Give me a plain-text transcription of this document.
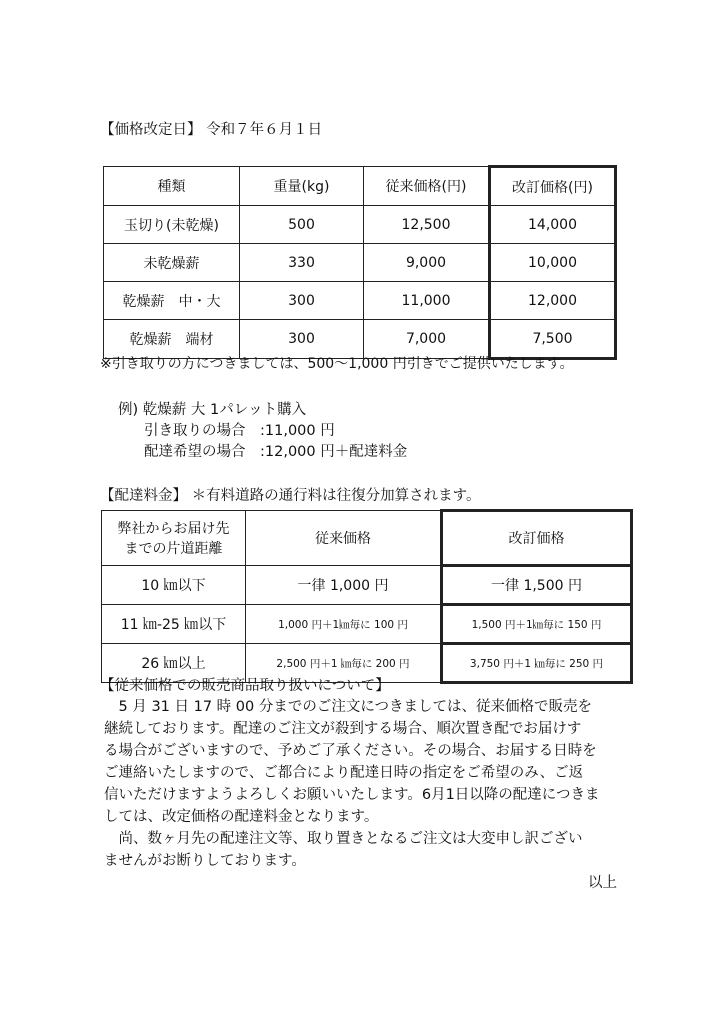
【価格改定日】 令和７年６月１日
種類	重量(kg)	従来価格(円)	改訂価格(円)
玉切り(未乾燥)	500	12,500	14,000
未乾燥薪	330	9,000	10,000
乾燥薪　中・大	300	11,000	12,000
乾燥薪　端材	300	7,000	7,500
※引き取りの方につきましては、500～1,000 円引きでご提供いたします。
例) 乾燥薪 大 1パレット購入
引き取りの場合　:11,000 円
配達希望の場合　:12,000 円＋配達料金
【配達料金】 ＊有料道路の通行料は往復分加算されます。
弊社からお届け先
までの片道距離	従来価格	改訂価格
10 ㎞以下	一律 1,000 円	一律 1,500 円
11 ㎞-25 ㎞以下	1,000 円＋1㎞毎に 100 円	1,500 円＋1㎞毎に 150 円
26 ㎞以上	2,500 円＋1 ㎞毎に 200 円	3,750 円＋1 ㎞毎に 250 円
【従来価格での販売商品取り扱いについて】

　5 月 31 日 17 時 00 分までのご注文につきましては、従来価格で販売を

継続しております。配達のご注文が殺到する場合、順次置き配でお届けす

る場合がございますので、予めご了承ください。その場合、お届する日時を

ご連絡いたしますので、ご都合により配達日時の指定をご希望のみ、ご返

信いただけますようよろしくお願いいたします。6月1日以降の配達につきま

しては、改定価格の配達料金となります。

　尚、数ヶ月先の配達注文等、取り置きとなるご注文は大変申し訳ござい

ませんがお断りしております。

以上
